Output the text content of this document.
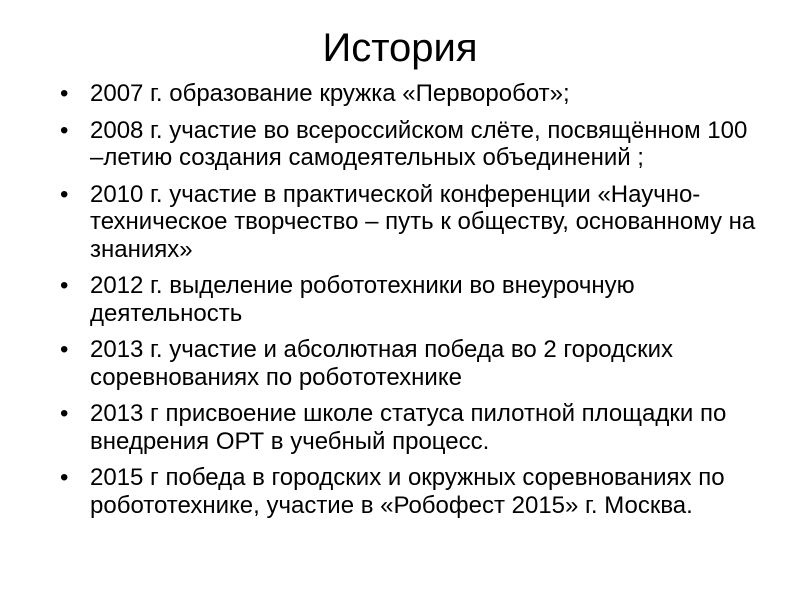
История
• 2007 г. образование кружка «Перворобот»;
• 2008 г. участие во всероссийском слёте, посвящённом 100 –летию создания самодеятельных объединений ;
• 2010 г. участие в практической конференции «Научно-техническое творчество – путь к обществу, основанному на знаниях»
• 2012 г. выделение робототехники во внеурочную деятельность
• 2013 г. участие и абсолютная победа во 2 городских соревнованиях по робототехнике
• 2013 г присвоение школе статуса пилотной площадки по внедрения ОРТ в учебный процесс.
• 2015 г победа в городских и окружных соревнованиях по робототехнике, участие в «Робофест 2015» г. Москва.
